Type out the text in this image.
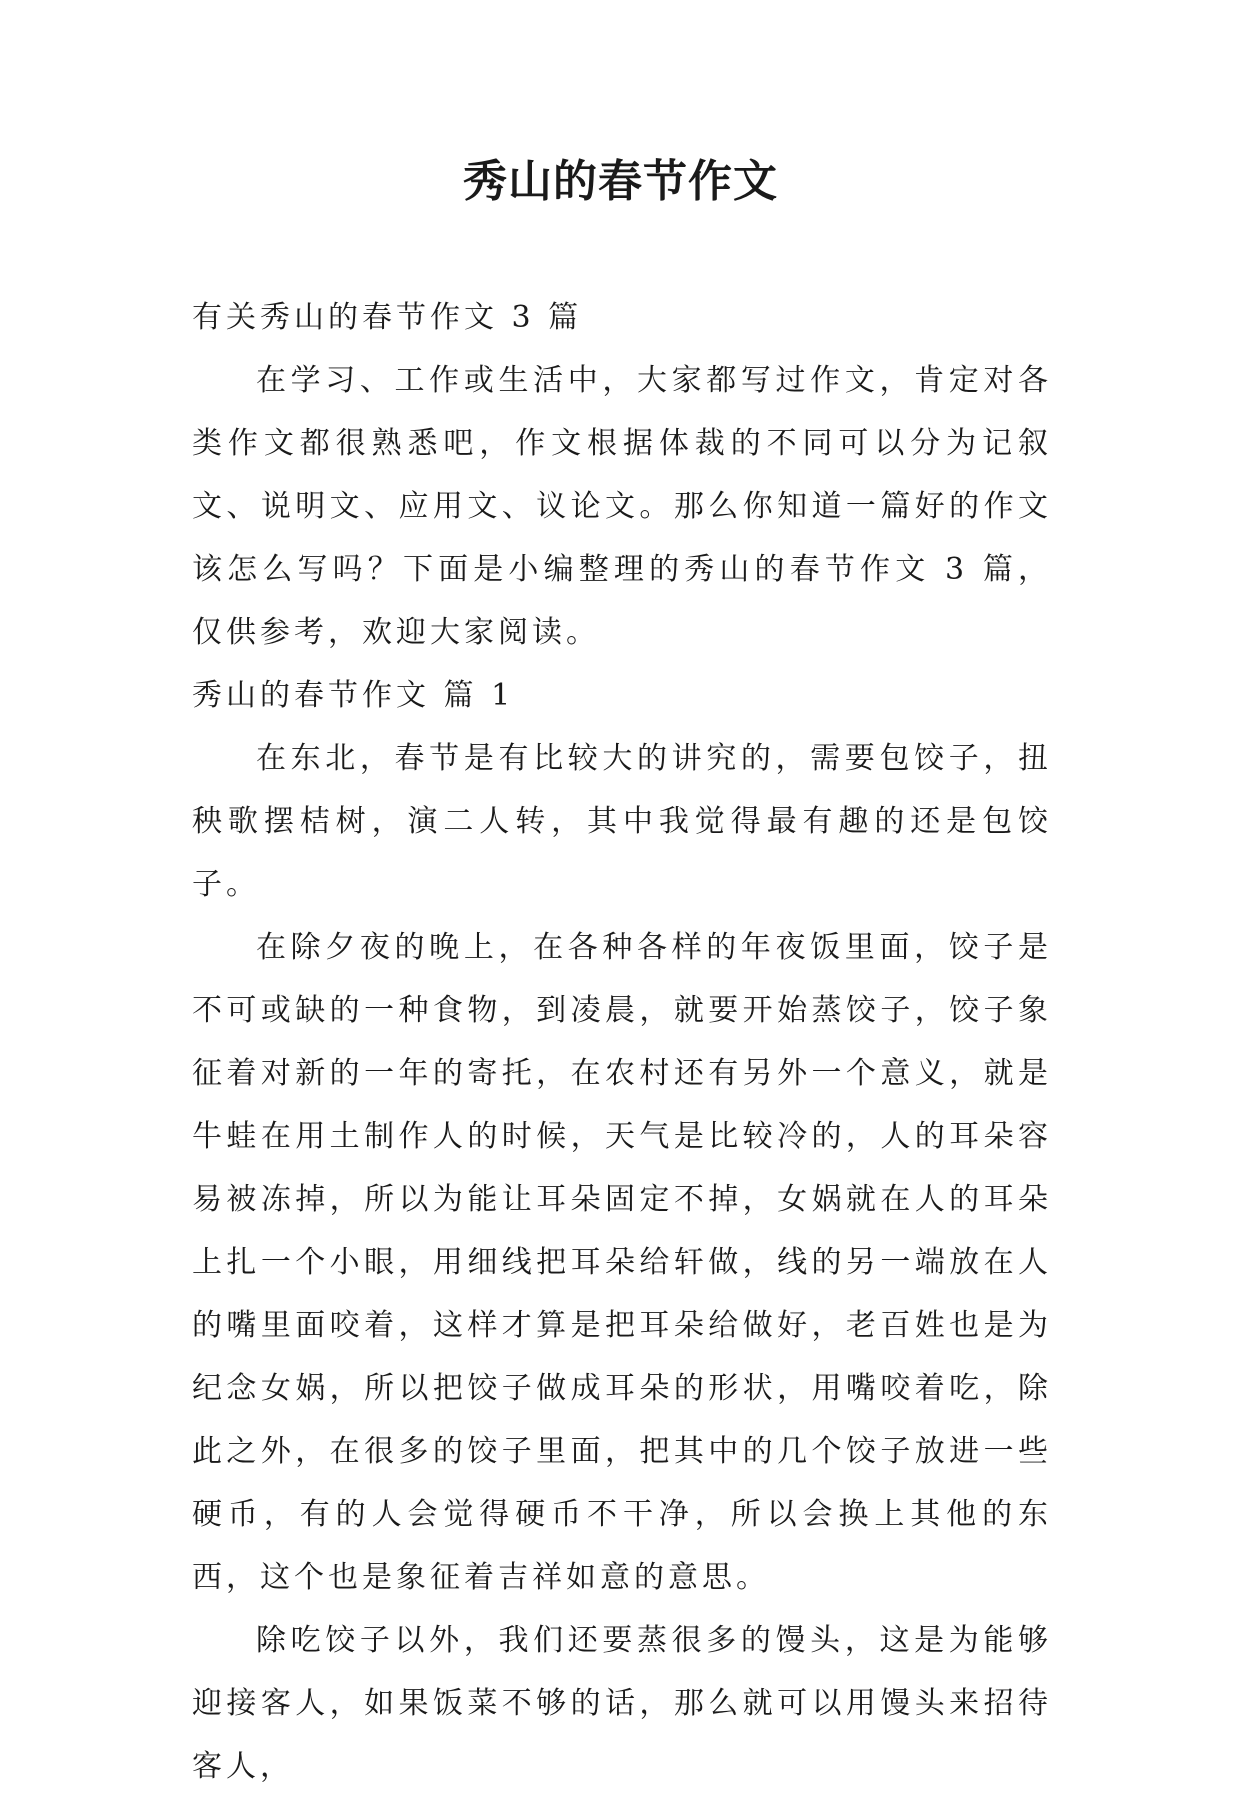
秀山的春节作文

有关秀山的春节作文 3 篇

在学习、工作或生活中，大家都写过作文，肯定对各类作文都很熟悉吧，作文根据体裁的不同可以分为记叙文、说明文、应用文、议论文。那么你知道一篇好的作文该怎么写吗？下面是小编整理的秀山的春节作文 3 篇，仅供参考，欢迎大家阅读。

秀山的春节作文 篇 1

在东北，春节是有比较大的讲究的，需要包饺子，扭秧歌摆桔树，演二人转，其中我觉得最有趣的还是包饺子。

在除夕夜的晚上，在各种各样的年夜饭里面，饺子是不可或缺的一种食物，到凌晨，就要开始蒸饺子，饺子象征着对新的一年的寄托，在农村还有另外一个意义，就是牛蛙在用土制作人的时候，天气是比较冷的，人的耳朵容易被冻掉，所以为能让耳朵固定不掉，女娲就在人的耳朵上扎一个小眼，用细线把耳朵给轩做，线的另一端放在人的嘴里面咬着，这样才算是把耳朵给做好，老百姓也是为纪念女娲，所以把饺子做成耳朵的形状，用嘴咬着吃，除此之外，在很多的饺子里面，把其中的几个饺子放进一些硬币，有的人会觉得硬币不干净，所以会换上其他的东西，这个也是象征着吉祥如意的意思。

除吃饺子以外，我们还要蒸很多的馒头，这是为能够迎接客人，如果饭菜不够的话，那么就可以用馒头来招待客人，
